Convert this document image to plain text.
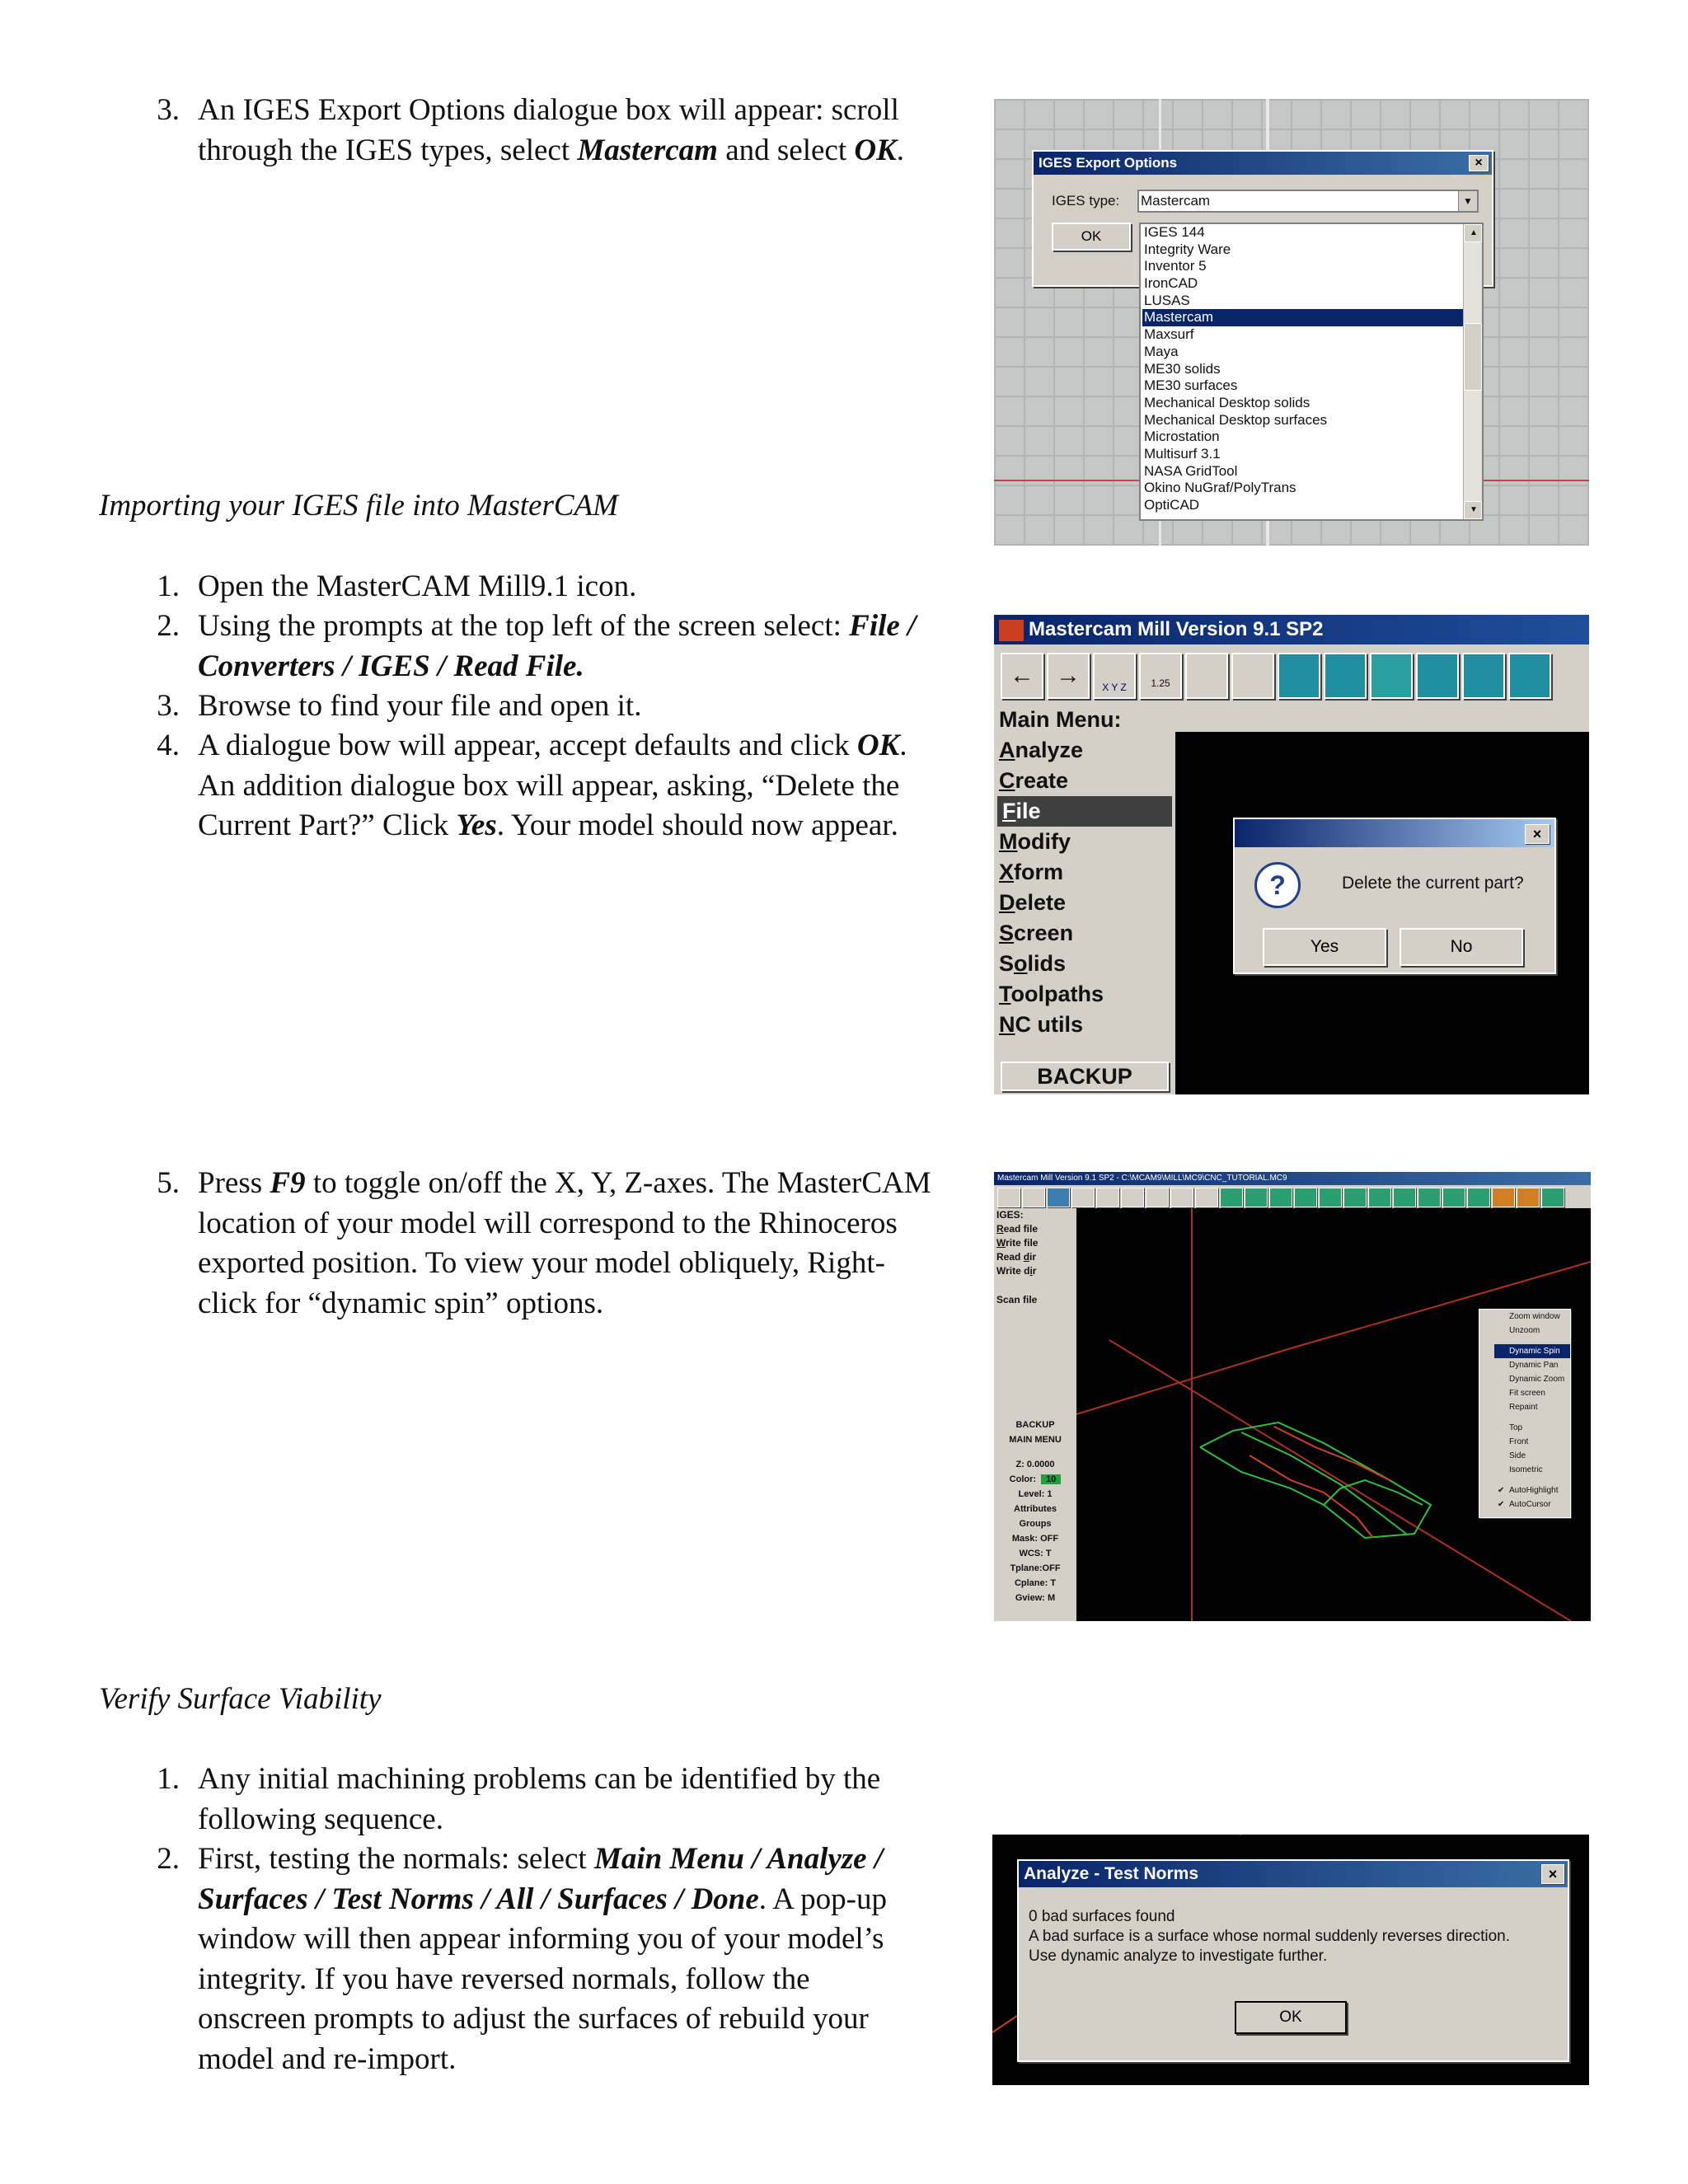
3. An IGES Export Options dialogue box will appear: scroll
through the IGES types, select Mastercam and select OK.
Importing your IGES file into MasterCAM
1. Open the MasterCAM Mill9.1 icon.
2. Using the prompts at the top left of the screen select: File /
Converters / IGES / Read File.
3. Browse to find your file and open it.
4. A dialogue bow will appear, accept defaults and click OK.
An addition dialogue box will appear, asking, “Delete the
Current Part?” Click Yes. Your model should now appear.
5. Press F9 to toggle on/off the X, Y, Z-axes. The MasterCAM
location of your model will correspond to the Rhinoceros
exported position. To view your model obliquely, Right-
click for “dynamic spin” options.
Verify Surface Viability
1. Any initial machining problems can be identified by the
following sequence.
2. First, testing the normals: select Main Menu / Analyze /
Surfaces / Test Norms / All / Surfaces / Done. A pop-up
window will then appear informing you of your model’s
integrity. If you have reversed normals, follow the
onscreen prompts to adjust the surfaces of rebuild your
model and re-import.
IGES Export Options	×
IGES type: Mastercam	▼
OK	IGES 144
Integrity Ware
Inventor 5
IronCAD
LUSAS
Mastercam
Maxsurf
Maya
ME30 solids
ME30 surfaces
Mechanical Desktop solids
Mechanical Desktop surfaces
Microstation
Multisurf 3.1
NASA GridTool
Okino NuGraf/PolyTrans
OptiCAD
▲
▼
Mastercam Mill Version 9.1 SP2
← →	X Y Z	1.25
Main Menu:
Analyze
Create
File
Modify
Xform
Delete
Screen
Solids
Toolpaths
NC utils
BACKUP
×
?	Delete the current part?
Yes	No
Mastercam Mill Version 9.1 SP2 - C:\MCAM9\MILL\MC9\CNC_TUTORIAL.MC9
IGES:
Read file
Write file
Read dir
Write dir
Scan file
BACKUP
MAIN MENU
Z: 0.0000
Color: 10
Level: 1
Attributes
Groups
Mask: OFF
WCS: T
Tplane:OFF
Cplane: T
Gview: M
Zoom window
Unzoom
Dynamic Spin
Dynamic Pan
Dynamic Zoom
Fit screen
Repaint
Top
Front
Side
Isometric
✔ AutoHighlight
✔ AutoCursor
Analyze - Test Norms	×
0 bad surfaces found
A bad surface is a surface whose normal suddenly reverses direction.
Use dynamic analyze to investigate further.
OK
